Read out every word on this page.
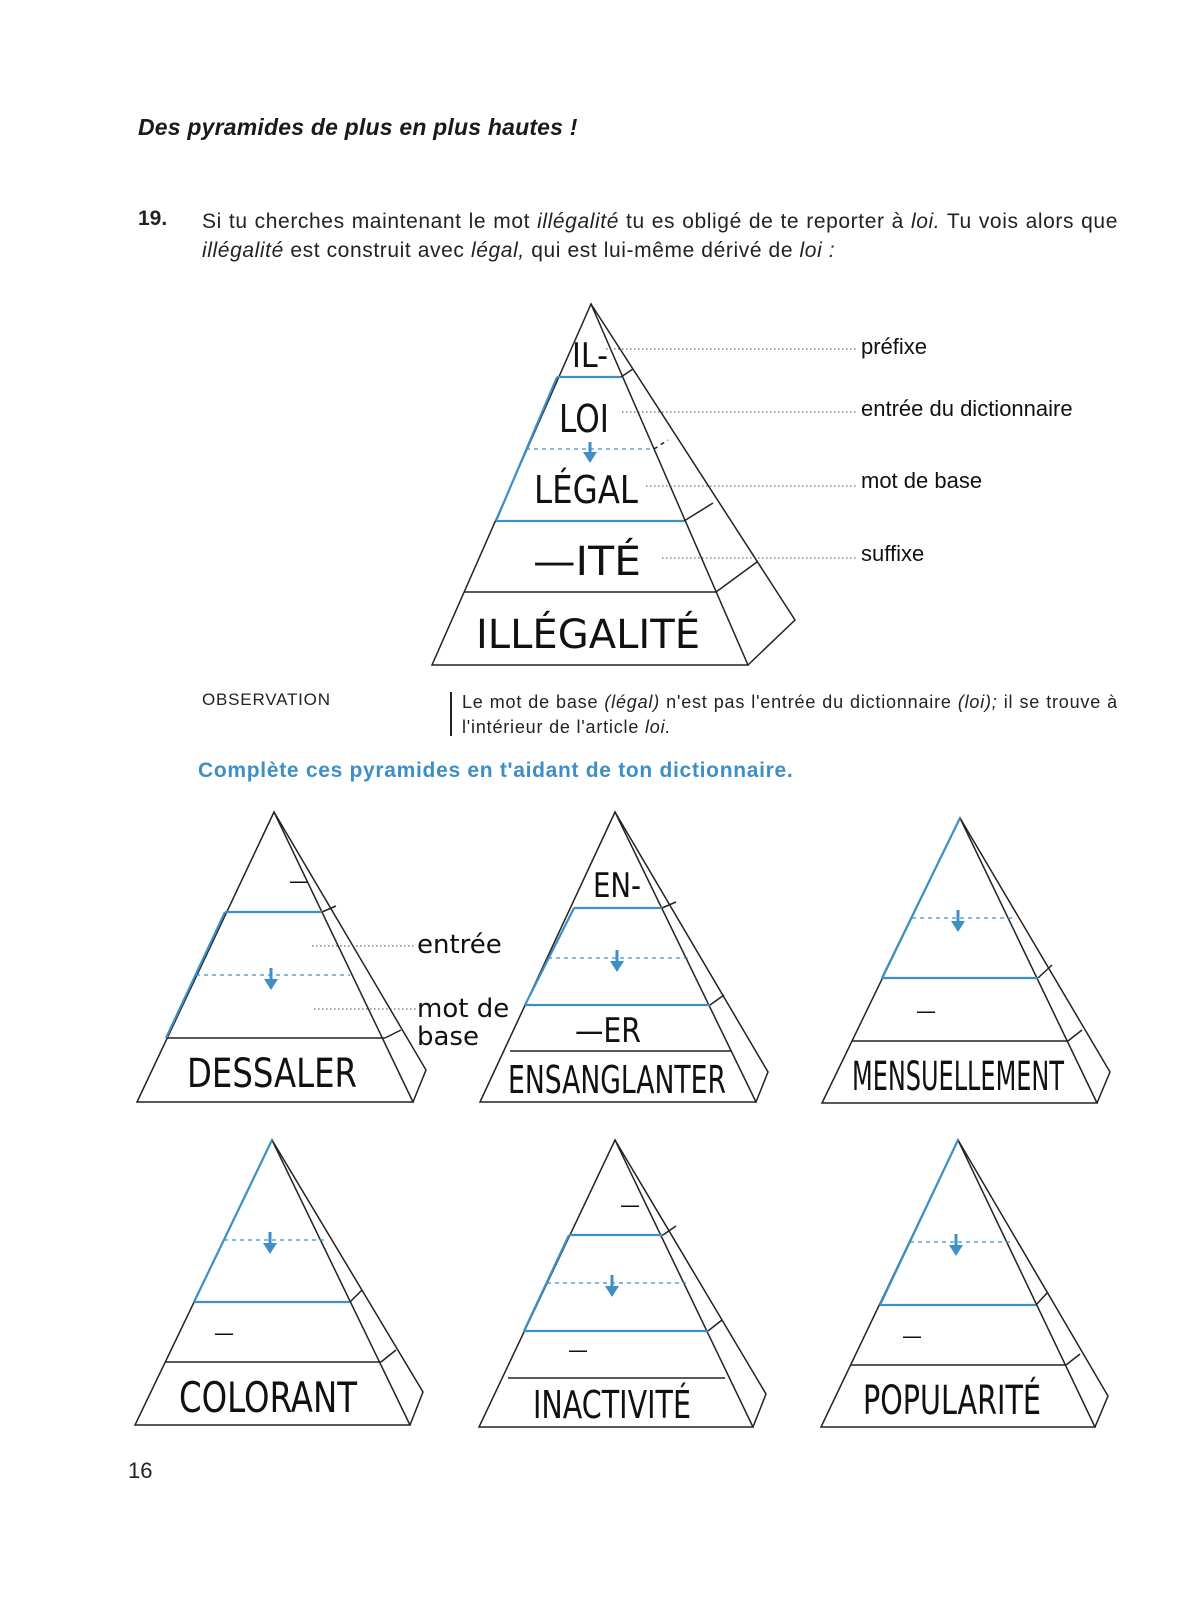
Des pyramides de plus en plus hautes !
19. Si tu cherches maintenant le mot illégalité tu es obligé de te reporter à loi. Tu vois alors que illégalité est construit avec légal, qui est lui-même dérivé de loi :
OBSERVATION	Le mot de base (légal) n'est pas l'entrée du dictionnaire (loi); il se trouve à l'intérieur de l'article loi.
Complète ces pyramides en t'aidant de ton dictionnaire.
16
IL-
LOI
LÉGAL
—ITÉ
ILLÉGALITÉ
préfixe
entrée du dictionnaire
mot de base
suffixe
DESSALER
—
entrée
mot de
base
EN-
—ER
ENSANGLANTER
—
MENSUELLEMENT
—
COLORANT
—
—
INACTIVITÉ
—
POPULARITÉ
